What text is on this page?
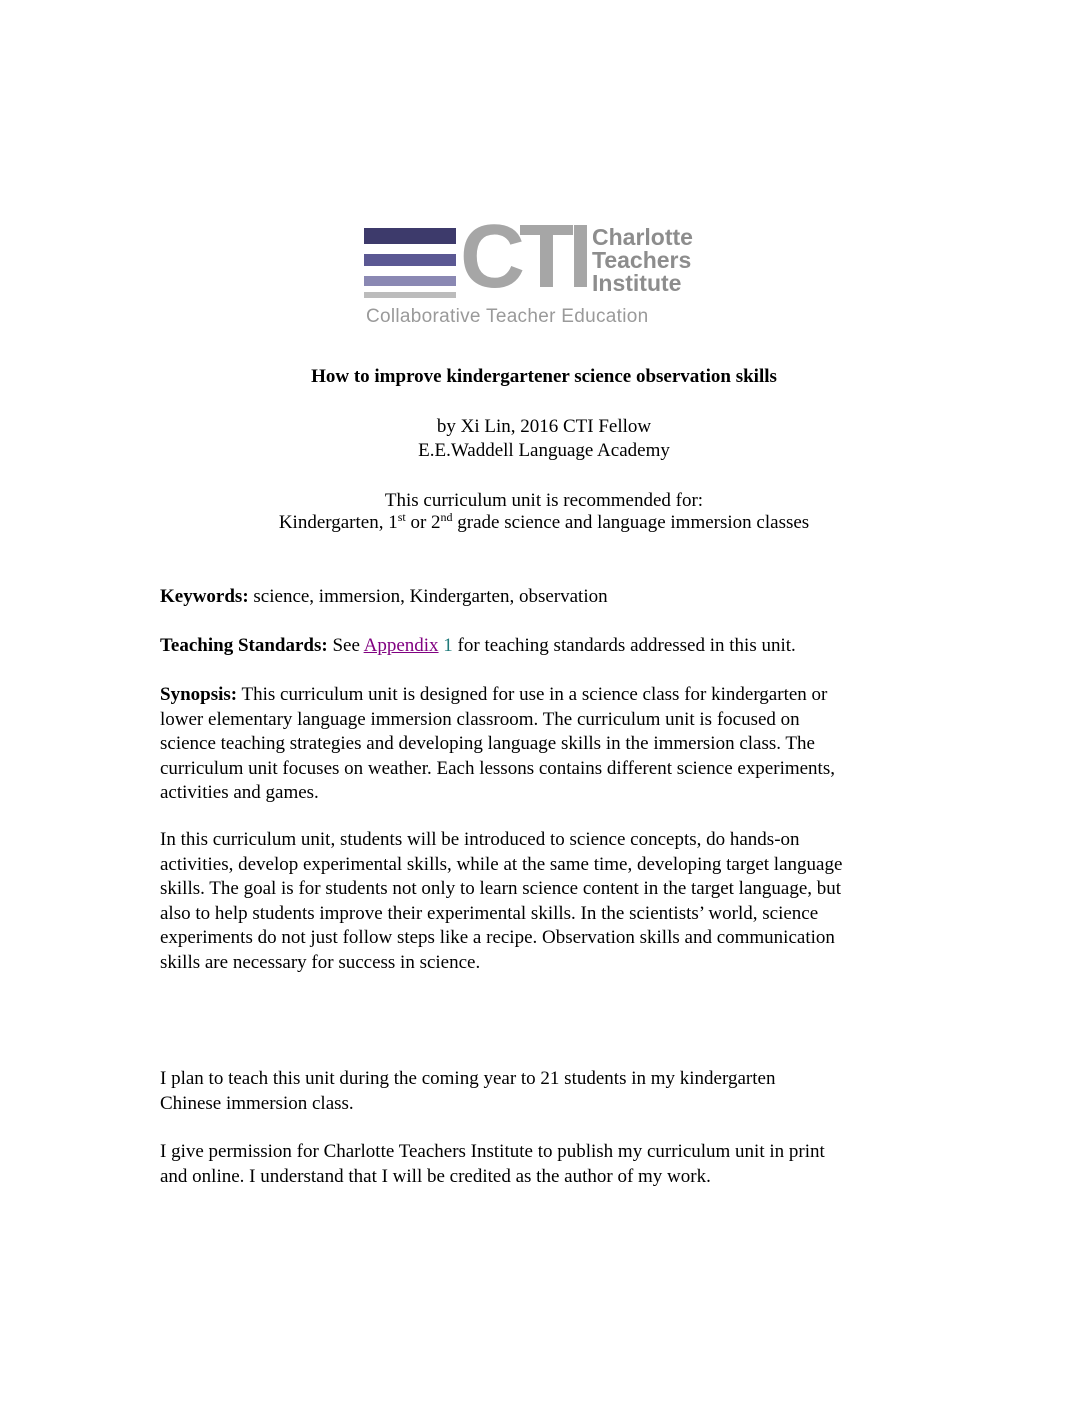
CTI Charlotte
Teachers
Institute
Collaborative Teacher Education
How to improve kindergartener science observation skills
by Xi Lin, 2016 CTI Fellow
E.E.Waddell Language Academy
This curriculum unit is recommended for:
Kindergarten, 1st or 2nd grade science and language immersion classes
Keywords: science, immersion, Kindergarten, observation
Teaching Standards: See Appendix 1 for teaching standards addressed in this unit.
Synopsis: This curriculum unit is designed for use in a science class for kindergarten or
lower elementary language immersion classroom. The curriculum unit is focused on
science teaching strategies and developing language skills in the immersion class. The
curriculum unit focuses on weather. Each lessons contains different science experiments,
activities and games.
In this curriculum unit, students will be introduced to science concepts, do hands-on
activities, develop experimental skills, while at the same time, developing target language
skills. The goal is for students not only to learn science content in the target language, but
also to help students improve their experimental skills. In the scientists’ world, science
experiments do not just follow steps like a recipe. Observation skills and communication
skills are necessary for success in science.
I plan to teach this unit during the coming year to 21 students in my kindergarten
Chinese immersion class.
I give permission for Charlotte Teachers Institute to publish my curriculum unit in print
and online. I understand that I will be credited as the author of my work.
